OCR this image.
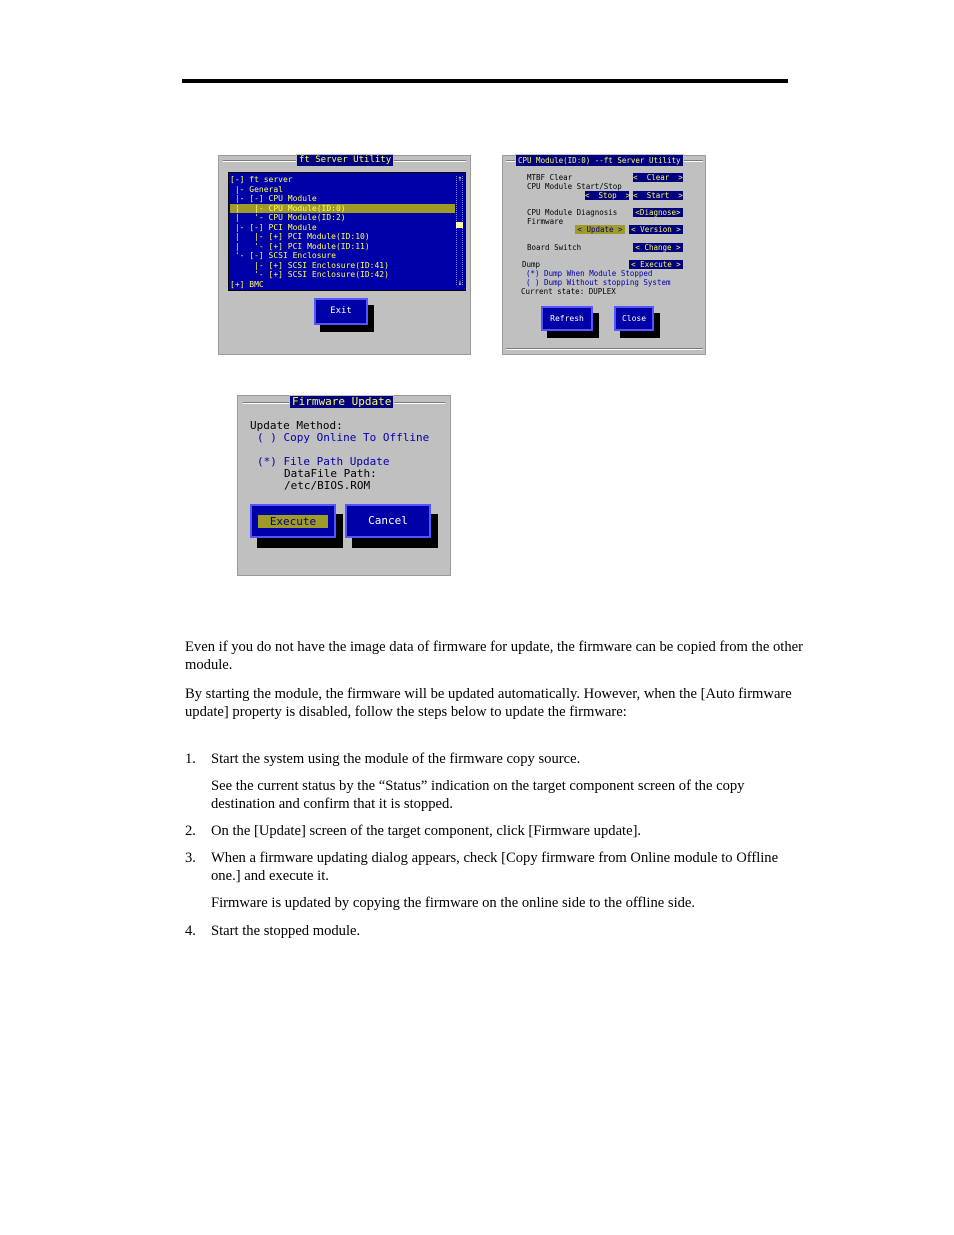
ft Server Utility
[-] ft server
|- General
|- [-] CPU Module
|   |- CPU Module(ID:0)
|   '- CPU Module(ID:2)
|- [-] PCI Module
|   |- [+] PCI Module(ID:10)
|   '- [+] PCI Module(ID:11)
'- [-] SCSI Enclosure
|- [+] SCSI Enclosure(ID:41)
'- [+] SCSI Enclosure(ID:42)
[+] BMC
↑
↓
Exit
CPU Module(ID:0) --ft Server Utility
MTBF Clear	<  Clear  >
CPU Module Start/Stop
<  Stop  > <  Start  >
CPU Module Diagnosis	<Diagnose>
Firmware
< Update >	< Version >
Board Switch	< Change >
Dump	< Execute >
(*) Dump When Module Stopped
( ) Dump Without stopping System
Current state: DUPLEX
Refresh	Close
Firmware Update
Update Method:
( ) Copy Online To Offline
(*) File Path Update
DataFile Path:
/etc/BIOS.ROM
Execute	Cancel
Even if you do not have the image data of firmware for update, the firmware can be copied from the other module.
By starting the module, the firmware will be updated automatically. However, when the [Auto firmware update] property is disabled, follow the steps below to update the firmware:
1. Start the system using the module of the firmware copy source.
See the current status by the “Status” indication on the target component screen of the copy destination and confirm that it is stopped.
2. On the [Update] screen of the target component, click [Firmware update].
3. When a firmware updating dialog appears, check [Copy firmware from Online module to Offline one.] and execute it.
Firmware is updated by copying the firmware on the online side to the offline side.
4. Start the stopped module.
